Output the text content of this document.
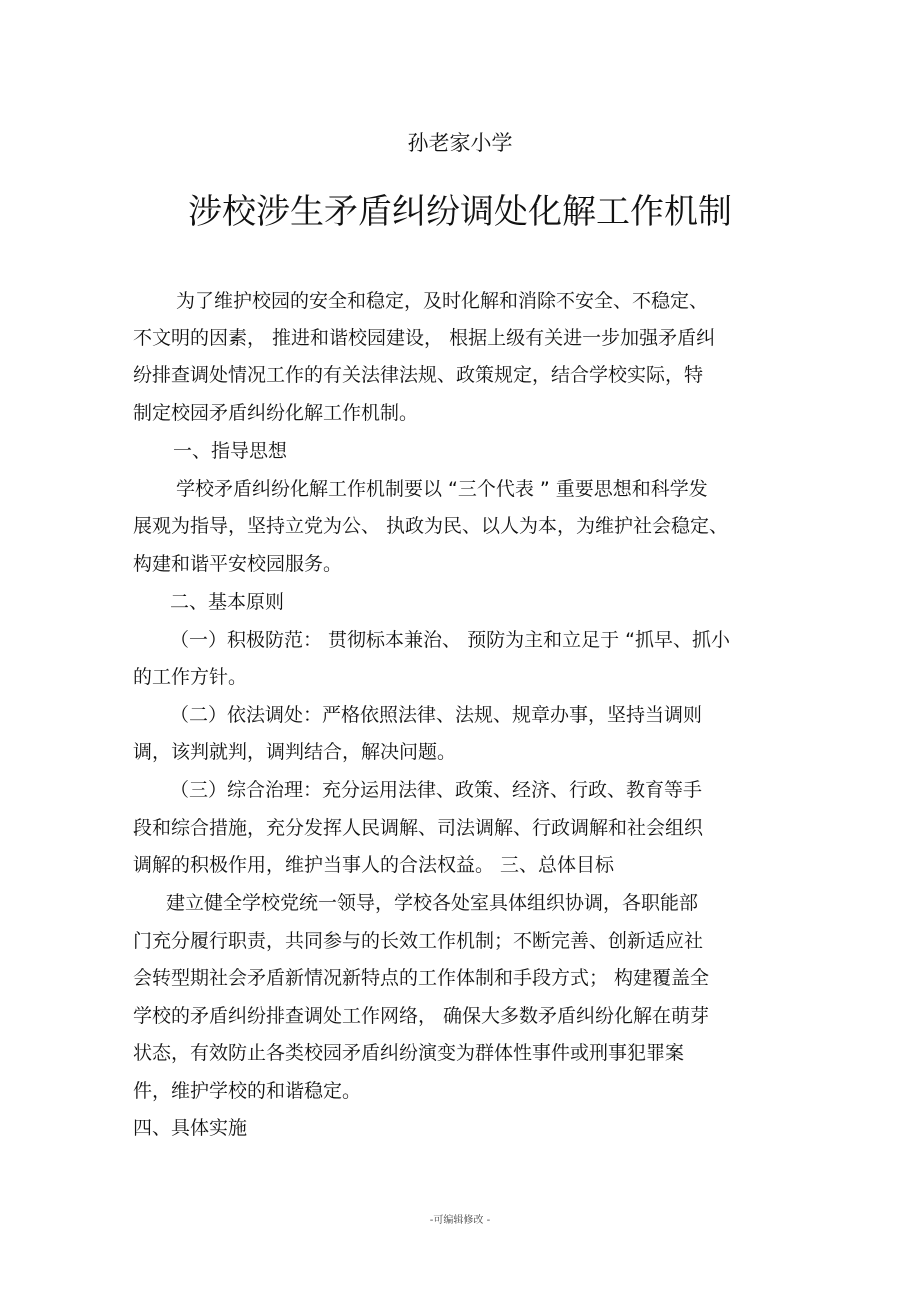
孙老家小学
涉校涉生矛盾纠纷调处化解工作机制
为了维护校园的安全和稳定，及时化解和消除不安全、不稳定、
不文明的因素， 推进和谐校园建设， 根据上级有关进一步加强矛盾纠
纷排查调处情况工作的有关法律法规、政策规定，结合学校实际，特
制定校园矛盾纠纷化解工作机制。
一、指导思想
学校矛盾纠纷化解工作机制要以 “三个代表 ” 重要思想和科学发
展观为指导，坚持立党为公、 执政为民、以人为本，为维护社会稳定、
构建和谐平安校园服务。
二、基本原则
（一）积极防范： 贯彻标本兼治、 预防为主和立足于 “抓早、抓小
的工作方针。
（二）依法调处：严格依照法律、法规、规章办事，坚持当调则
调，该判就判，调判结合，解决问题。
（三）综合治理：充分运用法律、政策、经济、行政、教育等手
段和综合措施，充分发挥人民调解、司法调解、行政调解和社会组织
调解的积极作用，维护当事人的合法权益。 三、总体目标
建立健全学校党统一领导，学校各处室具体组织协调，各职能部
门充分履行职责，共同参与的长效工作机制；不断完善、创新适应社
会转型期社会矛盾新情况新特点的工作体制和手段方式； 构建覆盖全
学校的矛盾纠纷排查调处工作网络， 确保大多数矛盾纠纷化解在萌芽
状态，有效防止各类校园矛盾纠纷演变为群体性事件或刑事犯罪案
件，维护学校的和谐稳定。
四、具体实施
-可编辑修改 -
